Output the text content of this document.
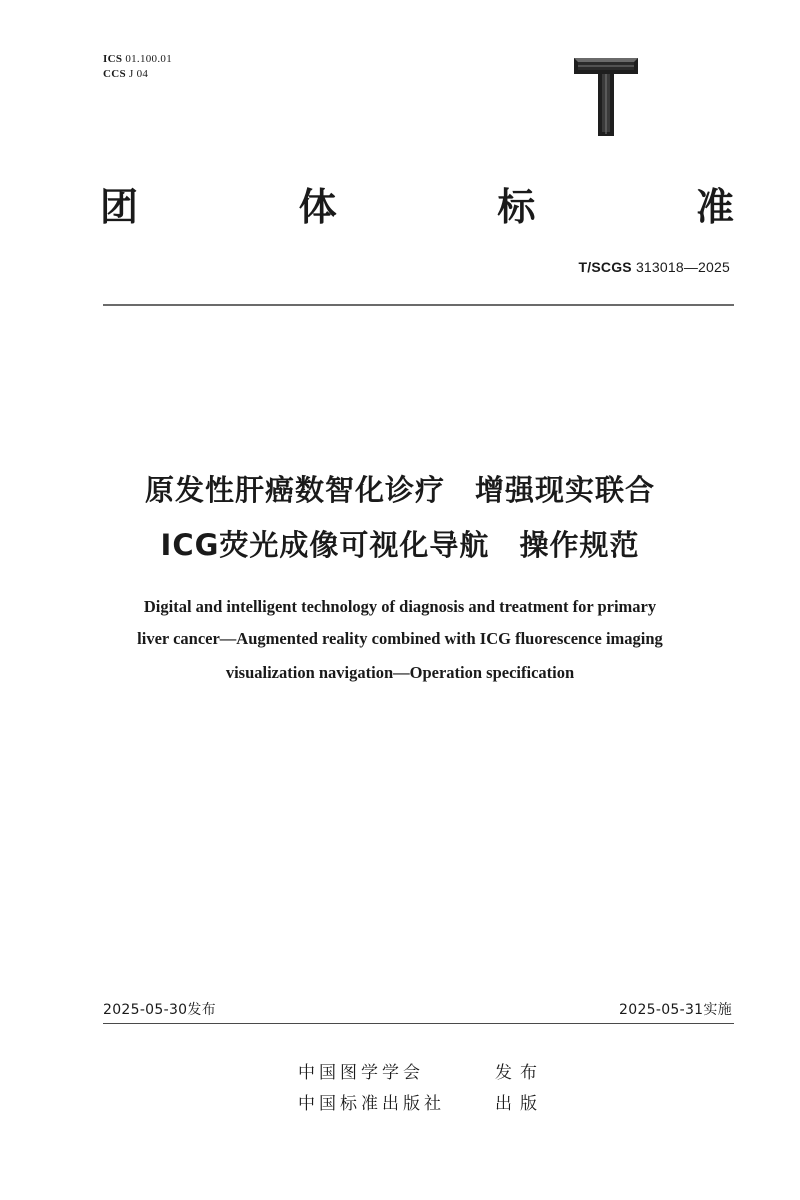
ICS 01.100.01
CCS J 04
团	体	标	准
T/SCGS 313018—2025
原发性肝癌数智化诊疗 增强现实联合
ICG荧光成像可视化导航 操作规范
Digital and intelligent technology of diagnosis and treatment for primary
liver cancer—Augmented reality combined with ICG fluorescence imaging
visualization navigation—Operation specification
2025-05-30发布	2025-05-31实施
中国图学学会	发布
中国标准出版社	出版
